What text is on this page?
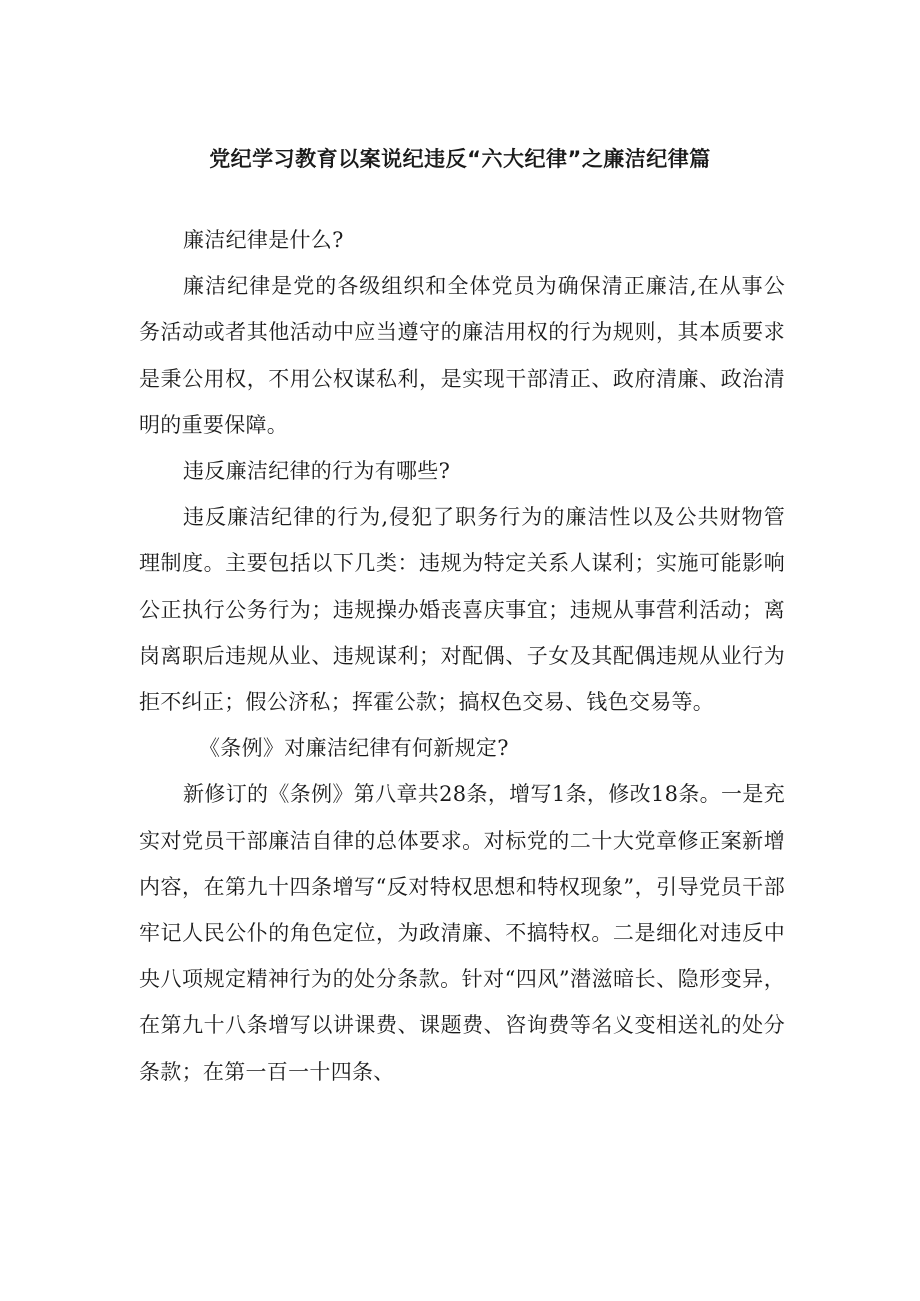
党纪学习教育以案说纪违反“六大纪律”之廉洁纪律篇

廉洁纪律是什么?

廉洁纪律是党的各级组织和全体党员为确保清正廉洁,在从事公务活动或者其他活动中应当遵守的廉洁用权的行为规则，其本质要求是秉公用权，不用公权谋私利，是实现干部清正、政府清廉、政治清明的重要保障。

违反廉洁纪律的行为有哪些?

违反廉洁纪律的行为,侵犯了职务行为的廉洁性以及公共财物管理制度。主要包括以下几类：违规为特定关系人谋利；实施可能影响公正执行公务行为；违规操办婚丧喜庆事宜；违规从事营利活动；离岗离职后违规从业、违规谋利；对配偶、子女及其配偶违规从业行为拒不纠正；假公济私；挥霍公款；搞权色交易、钱色交易等。

《条例》对廉洁纪律有何新规定?

新修订的《条例》第八章共28条，增写1条，修改18条。一是充实对党员干部廉洁自律的总体要求。对标党的二十大党章修正案新增内容，在第九十四条增写“反对特权思想和特权现象”，引导党员干部牢记人民公仆的角色定位，为政清廉、不搞特权。二是细化对违反中央八项规定精神行为的处分条款。针对“四风”潜滋暗长、隐形变异，在第九十八条增写以讲课费、课题费、咨询费等名义变相送礼的处分条款；在第一百一十四条、
